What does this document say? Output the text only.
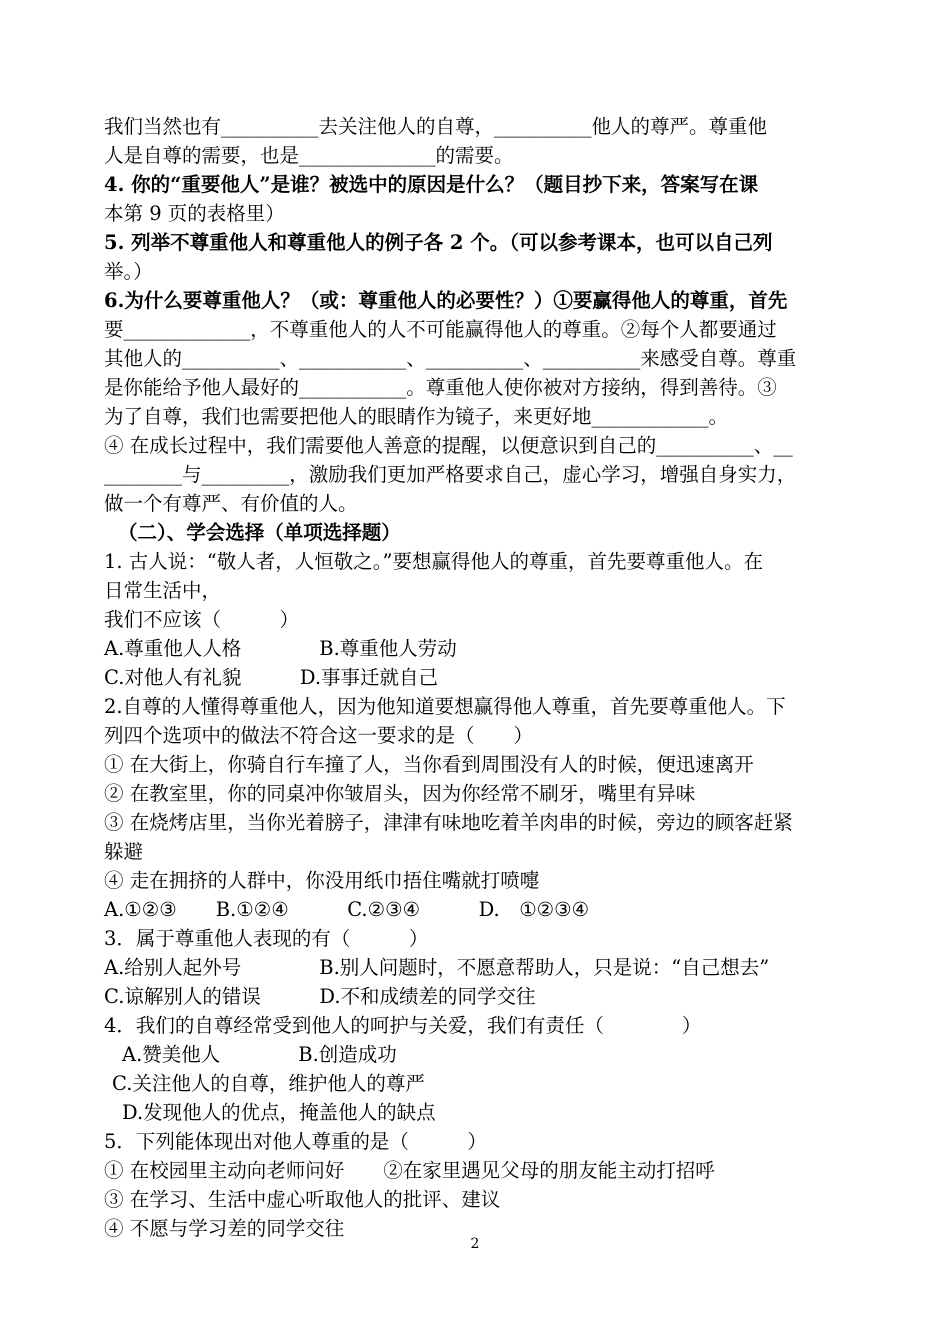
我们当然也有__________去关注他人的自尊，__________他人的尊严。尊重他

人是自尊的需要，也是______________的需要。

4. 你的“重要他人”是谁？被选中的原因是什么？（题目抄下来，答案写在课

本第 9 页的表格里）

5. 列举不尊重他人和尊重他人的例子各 2 个。（可以参考课本，也可以自己列

举。）

6.为什么要尊重他人？（或：尊重他人的必要性？）①要赢得他人的尊重，首先

要_____________，不尊重他人的人不可能赢得他人的尊重。②每个人都要通过

其他人的__________、___________、__________、__________来感受自尊。尊重

是你能给予他人最好的___________。尊重他人使你被对方接纳，得到善待。③

为了自尊，我们也需要把他人的眼睛作为镜子，来更好地____________。

④ 在成长过程中，我们需要他人善意的提醒，以便意识到自己的__________、__

________与_________，激励我们更加严格要求自己，虚心学习，增强自身实力，

做一个有尊严、有价值的人。

（二）、学会选择（单项选择题）

1. 古人说：“敬人者，人恒敬之。”要想赢得他人的尊重，首先要尊重他人。在

日常生活中，

我们不应该（　　　）

A.尊重他人人格　　　　B.尊重他人劳动

C.对他人有礼貌　　　D.事事迁就自己

2.自尊的人懂得尊重他人，因为他知道要想赢得他人尊重，首先要尊重他人。下

列四个选项中的做法不符合这一要求的是（　　）

① 在大街上，你骑自行车撞了人，当你看到周围没有人的时候，便迅速离开

② 在教室里，你的同桌冲你皱眉头，因为你经常不刷牙，嘴里有异味

③ 在烧烤店里，当你光着膀子，津津有味地吃着羊肉串的时候，旁边的顾客赶紧

躲避

④ 走在拥挤的人群中，你没用纸巾捂住嘴就打喷嚏

A.①②③　　B.①②④　　　C.②③④　　　D.　①②③④

3．属于尊重他人表现的有（　　　）

A.给别人起外号　　　　B.别人问题时，不愿意帮助人，只是说：“自己想去”

C.谅解别人的错误　　　D.不和成绩差的同学交往

4．我们的自尊经常受到他人的呵护与关爱，我们有责任（　　　　）

A.赞美他人　　　　B.创造成功

C.关注他人的自尊，维护他人的尊严

D.发现他人的优点，掩盖他人的缺点

5．下列能体现出对他人尊重的是（　　　）

① 在校园里主动向老师问好　　②在家里遇见父母的朋友能主动打招呼

③ 在学习、生活中虚心听取他人的批评、建议

④ 不愿与学习差的同学交往

2
